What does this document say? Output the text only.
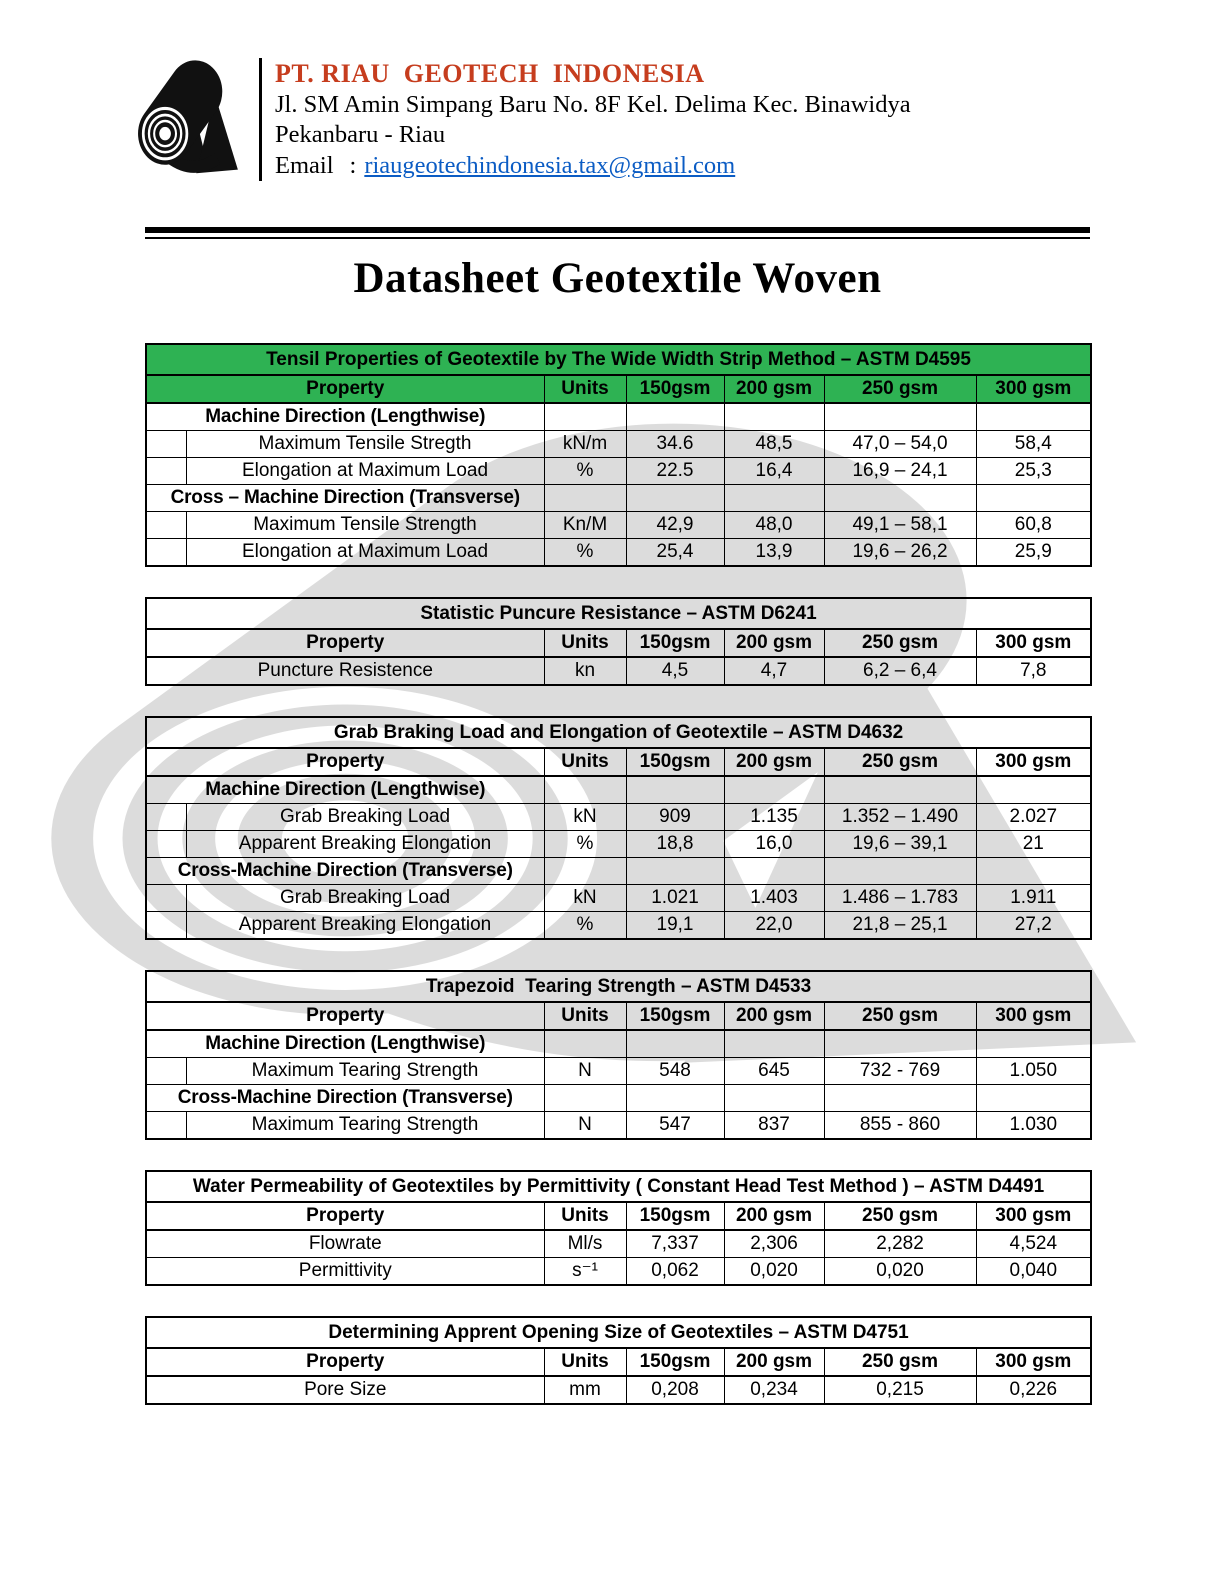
PT. RIAU  GEOTECH  INDONESIA
Jl. SM Amin Simpang Baru No. 8F Kel. Delima Kec. Binawidya
Pekanbaru - Riau
Email : riaugeotechindonesia.tax@gmail.com
Datasheet Geotextile Woven
Tensil Properties of Geotextile by The Wide Width Strip Method – ASTM D4595						
Property		Units	150gsm	200 gsm	250 gsm	300 gsm
Machine Direction (Lengthwise)						
	Maximum Tensile Stregth	kN/m	34.6	48,5	47,0 – 54,0	58,4
	Elongation at Maximum Load	%	22.5	16,4	16,9 – 24,1	25,3
Cross – Machine Direction (Transverse)						
	Maximum Tensile Strength	Kn/M	42,9	48,0	49,1 – 58,1	60,8
	Elongation at Maximum Load	%	25,4	13,9	19,6 – 26,2	25,9
Statistic Puncure Resistance – ASTM D6241					
Property	Units	150gsm	200 gsm	250 gsm	300 gsm
Puncture Resistence	kn	4,5	4,7	6,2 – 6,4	7,8
Grab Braking Load and Elongation of Geotextile – ASTM D4632						
Property		Units	150gsm	200 gsm	250 gsm	300 gsm
Machine Direction (Lengthwise)						
	Grab Breaking Load	kN	909	1.135	1.352 – 1.490	2.027
	Apparent Breaking Elongation	%	18,8	16,0	19,6 – 39,1	21
Cross-Machine Direction (Transverse)						
	Grab Breaking Load	kN	1.021	1.403	1.486 – 1.783	1.911
	Apparent Breaking Elongation	%	19,1	22,0	21,8 – 25,1	27,2
Trapezoid  Tearing Strength – ASTM D4533						
Property		Units	150gsm	200 gsm	250 gsm	300 gsm
Machine Direction (Lengthwise)						
	Maximum Tearing Strength	N	548	645	732 - 769	1.050
Cross-Machine Direction (Transverse)						
	Maximum Tearing Strength	N	547	837	855 - 860	1.030
Water Permeability of Geotextiles by Permittivity ( Constant Head Test Method ) – ASTM D4491					
Property	Units	150gsm	200 gsm	250 gsm	300 gsm
Flowrate	Ml/s	7,337	2,306	2,282	4,524
Permittivity	s⁻¹	0,062	0,020	0,020	0,040
Determining Apprent Opening Size of Geotextiles – ASTM D4751					
Property	Units	150gsm	200 gsm	250 gsm	300 gsm
Pore Size	mm	0,208	0,234	0,215	0,226
